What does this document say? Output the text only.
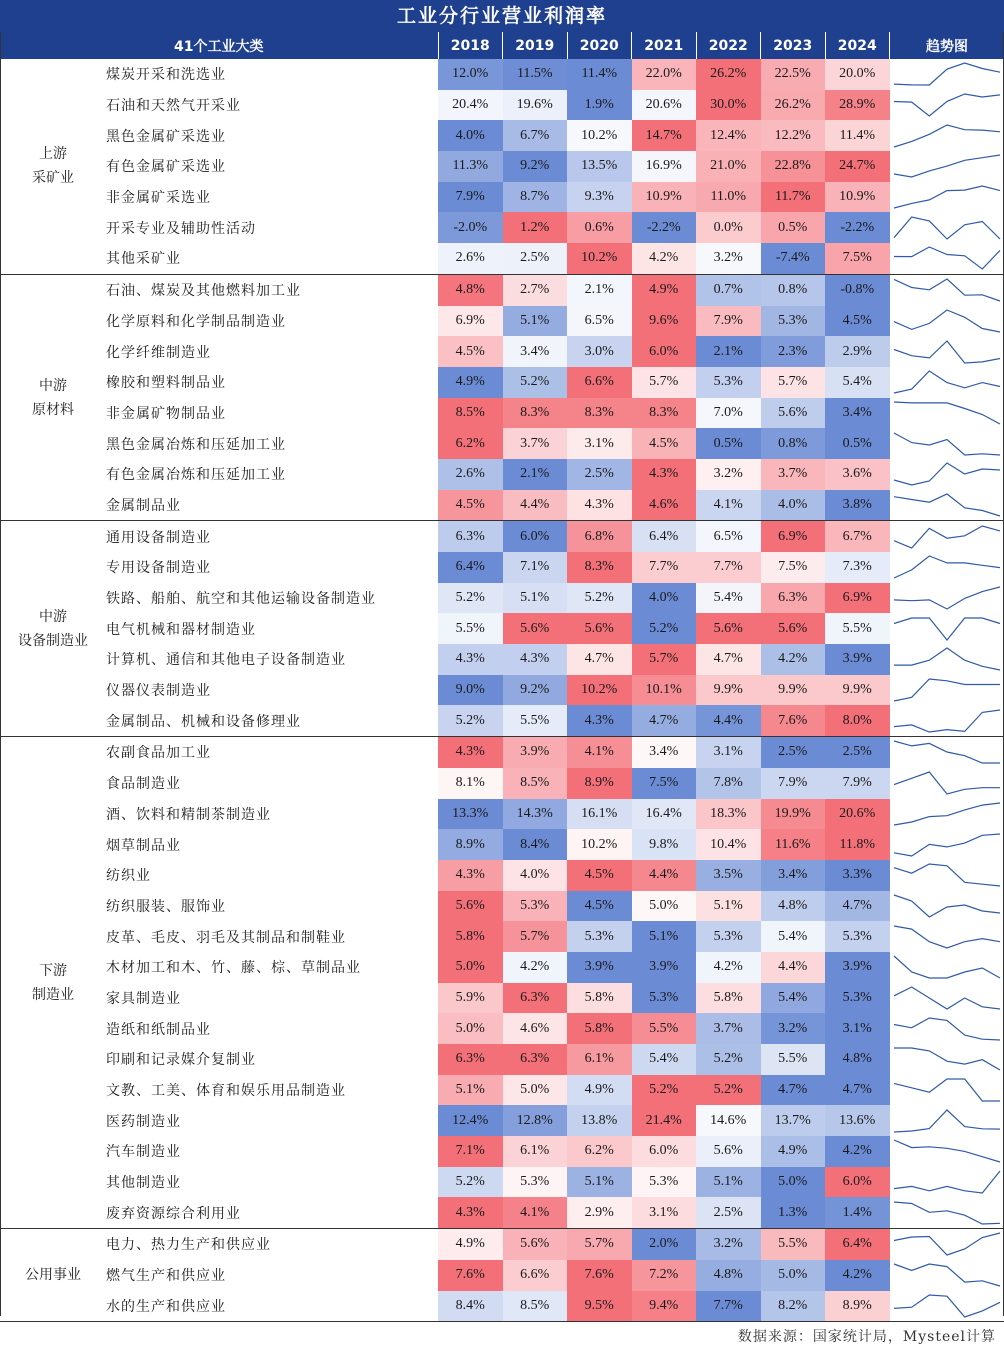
工业分行业营业利润率
41个工业大类		2018	2019	2020	2021	2022	2023	2024	趋势图
上游
采矿业	煤炭开采和洗选业	12.0%	11.5%	11.4%	22.0%	26.2%	22.5%	20.0%	

	石油和天然气开采业	20.4%	19.6%	1.9%	20.6%	30.0%	26.2%	28.9%	

	黑色金属矿采选业	4.0%	6.7%	10.2%	14.7%	12.4%	12.2%	11.4%	

	有色金属矿采选业	11.3%	9.2%	13.5%	16.9%	21.0%	22.8%	24.7%	

	非金属矿采选业	7.9%	8.7%	9.3%	10.9%	11.0%	11.7%	10.9%	

	开采专业及辅助性活动	-2.0%	1.2%	0.6%	-2.2%	0.0%	0.5%	-2.2%	

	其他采矿业	2.6%	2.5%	10.2%	4.2%	3.2%	-7.4%	7.5%	

中游
原材料	石油、煤炭及其他燃料加工业	4.8%	2.7%	2.1%	4.9%	0.7%	0.8%	-0.8%	

	化学原料和化学制品制造业	6.9%	5.1%	6.5%	9.6%	7.9%	5.3%	4.5%	

	化学纤维制造业	4.5%	3.4%	3.0%	6.0%	2.1%	2.3%	2.9%	

	橡胶和塑料制品业	4.9%	5.2%	6.6%	5.7%	5.3%	5.7%	5.4%	

	非金属矿物制品业	8.5%	8.3%	8.3%	8.3%	7.0%	5.6%	3.4%	

	黑色金属冶炼和压延加工业	6.2%	3.7%	3.1%	4.5%	0.5%	0.8%	0.5%	

	有色金属冶炼和压延加工业	2.6%	2.1%	2.5%	4.3%	3.2%	3.7%	3.6%	

	金属制品业	4.5%	4.4%	4.3%	4.6%	4.1%	4.0%	3.8%	

中游
设备制造业	通用设备制造业	6.3%	6.0%	6.8%	6.4%	6.5%	6.9%	6.7%	

	专用设备制造业	6.4%	7.1%	8.3%	7.7%	7.7%	7.5%	7.3%	

	铁路、船舶、航空和其他运输设备制造业	5.2%	5.1%	5.2%	4.0%	5.4%	6.3%	6.9%	

	电气机械和器材制造业	5.5%	5.6%	5.6%	5.2%	5.6%	5.6%	5.5%	

	计算机、通信和其他电子设备制造业	4.3%	4.3%	4.7%	5.7%	4.7%	4.2%	3.9%	

	仪器仪表制造业	9.0%	9.2%	10.2%	10.1%	9.9%	9.9%	9.9%	

	金属制品、机械和设备修理业	5.2%	5.5%	4.3%	4.7%	4.4%	7.6%	8.0%	

下游
制造业	农副食品加工业	4.3%	3.9%	4.1%	3.4%	3.1%	2.5%	2.5%	

	食品制造业	8.1%	8.5%	8.9%	7.5%	7.8%	7.9%	7.9%	

	酒、饮料和精制茶制造业	13.3%	14.3%	16.1%	16.4%	18.3%	19.9%	20.6%	

	烟草制品业	8.9%	8.4%	10.2%	9.8%	10.4%	11.6%	11.8%	

	纺织业	4.3%	4.0%	4.5%	4.4%	3.5%	3.4%	3.3%	

	纺织服装、服饰业	5.6%	5.3%	4.5%	5.0%	5.1%	4.8%	4.7%	

	皮革、毛皮、羽毛及其制品和制鞋业	5.8%	5.7%	5.3%	5.1%	5.3%	5.4%	5.3%	

	木材加工和木、竹、藤、棕、草制品业	5.0%	4.2%	3.9%	3.9%	4.2%	4.4%	3.9%	

	家具制造业	5.9%	6.3%	5.8%	5.3%	5.8%	5.4%	5.3%	

	造纸和纸制品业	5.0%	4.6%	5.8%	5.5%	3.7%	3.2%	3.1%	

	印刷和记录媒介复制业	6.3%	6.3%	6.1%	5.4%	5.2%	5.5%	4.8%	

	文教、工美、体育和娱乐用品制造业	5.1%	5.0%	4.9%	5.2%	5.2%	4.7%	4.7%	

	医药制造业	12.4%	12.8%	13.8%	21.4%	14.6%	13.7%	13.6%	

	汽车制造业	7.1%	6.1%	6.2%	6.0%	5.6%	4.9%	4.2%	

	其他制造业	5.2%	5.3%	5.1%	5.3%	5.1%	5.0%	6.0%	

	废弃资源综合利用业	4.3%	4.1%	2.9%	3.1%	2.5%	1.3%	1.4%	

公用事业	电力、热力生产和供应业	4.9%	5.6%	5.7%	2.0%	3.2%	5.5%	6.4%	

	燃气生产和供应业	7.6%	6.6%	7.6%	7.2%	4.8%	5.0%	4.2%	

	水的生产和供应业	8.4%	8.5%	9.5%	9.4%	7.7%	8.2%	8.9%	
数据来源：国家统计局，Mysteel计算
